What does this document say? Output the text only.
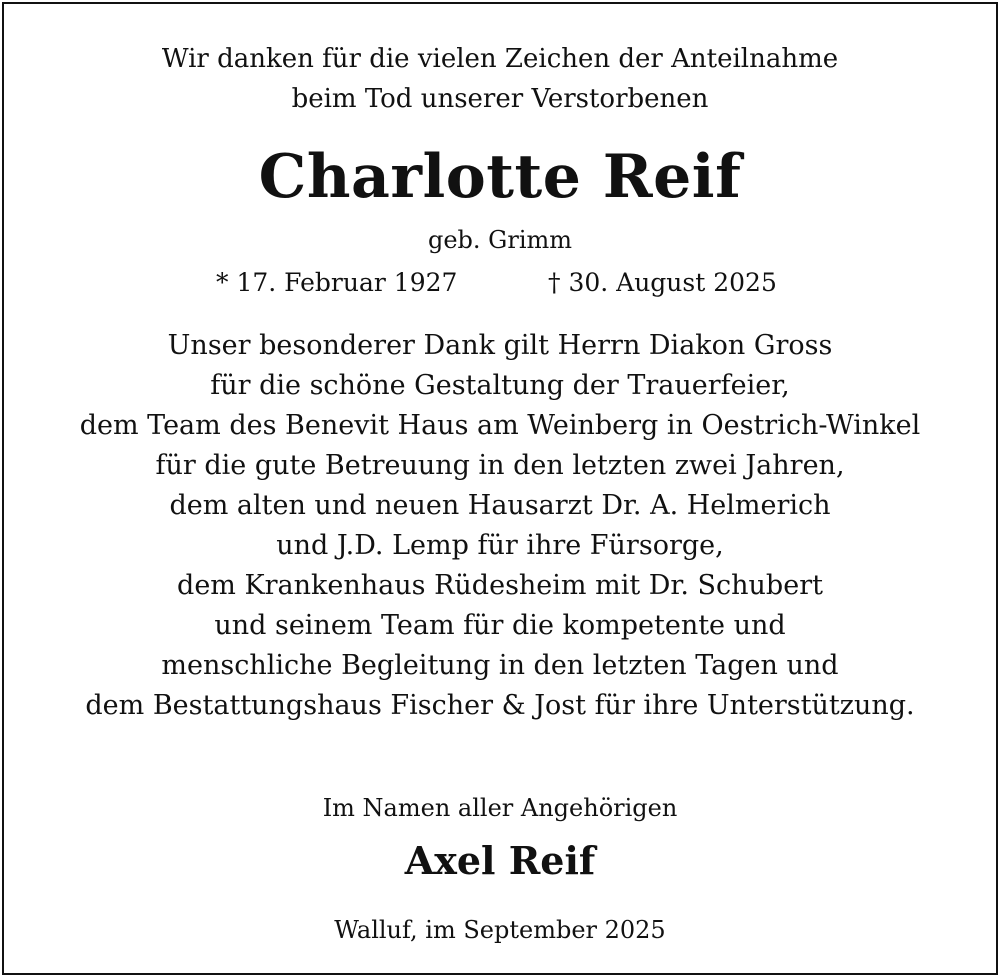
Wir danken für die vielen Zeichen der Anteilnahme
beim Tod unserer Verstorbenen
Charlotte Reif
geb. Grimm
* 17. Februar 1927	† 30. August 2025
Unser besonderer Dank gilt Herrn Diakon Gross
für die schöne Gestaltung der Trauerfeier,
dem Team des Benevit Haus am Weinberg in Oestrich-Winkel
für die gute Betreuung in den letzten zwei Jahren,
dem alten und neuen Hausarzt Dr. A. Helmerich
und J.D. Lemp für ihre Fürsorge,
dem Krankenhaus Rüdesheim mit Dr. Schubert
und seinem Team für die kompetente und
menschliche Begleitung in den letzten Tagen und
dem Bestattungshaus Fischer & Jost für ihre Unterstützung.
Im Namen aller Angehörigen
Axel Reif
Walluf, im September 2025
